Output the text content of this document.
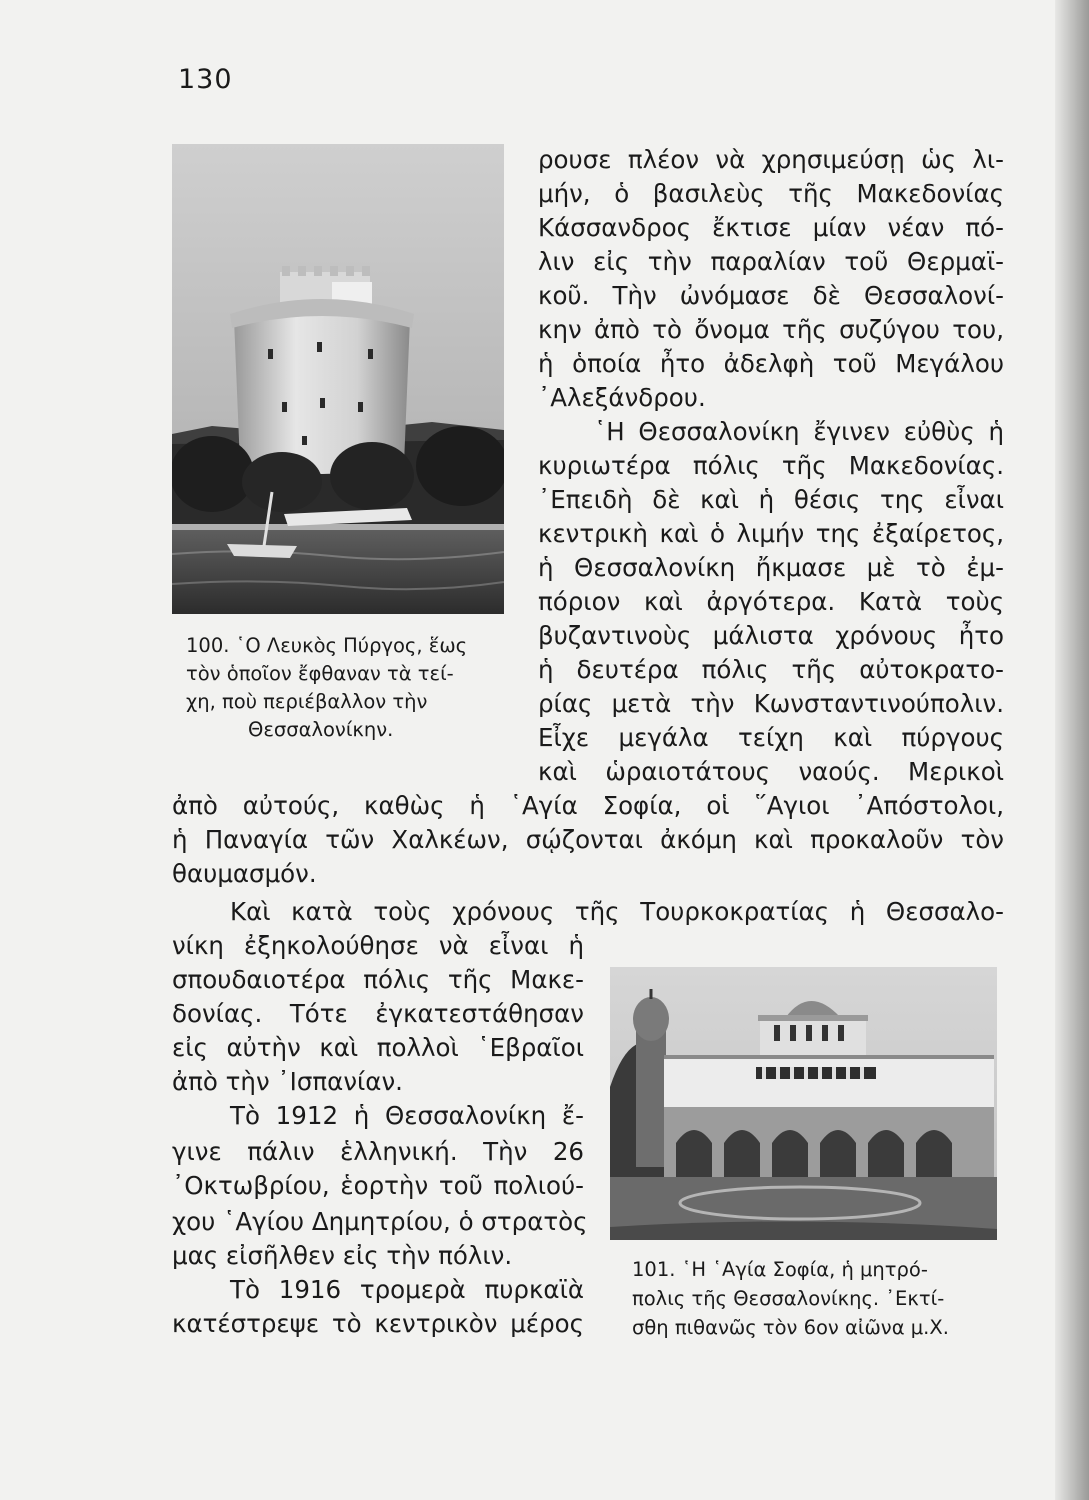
130
ρουσε πλέον νὰ χρησιμεύσῃ ὡς λι-
μήν, ὁ βασιλεὺς τῆς Μακεδονίας
Κάσσανδρος ἔκτισε μίαν νέαν πό-
λιν εἰς τὴν παραλίαν τοῦ Θερμαϊ-
κοῦ. Τὴν ὠνόμασε δὲ Θεσσαλονί-
κην ἀπὸ τὸ ὄνομα τῆς συζύγου του,
ἡ ὁποία ἦτο ἀδελφὴ τοῦ Μεγάλου
᾿Αλεξάνδρου.
῾Η Θεσσαλονίκη ἔγινεν εὐθὺς ἡ
κυριωτέρα πόλις τῆς Μακεδονίας.
᾿Επειδὴ δὲ καὶ ἡ θέσις της εἶναι
κεντρικὴ καὶ ὁ λιμήν της ἐξαίρετος,
ἡ Θεσσαλονίκη ἤκμασε μὲ τὸ ἐμ-
πόριον καὶ ἀργότερα. Κατὰ τοὺς
βυζαντινοὺς μάλιστα χρόνους ἦτο
ἡ δευτέρα πόλις τῆς αὐτοκρατο-
ρίας μετὰ τὴν Κωνσταντινούπολιν.
Εἶχε μεγάλα τείχη καὶ πύργους
καὶ ὡραιοτάτους ναούς. Μερικοὶ
100. ῾Ο Λευκὸς Πύργος, ἕως
τὸν ὁποῖον ἔφθαναν τὰ τεί-
χη, ποὺ περιέβαλλον τὴν
Θεσσαλονίκην.
ἀπὸ αὐτούς, καθὼς ἡ ῾Αγία Σοφία, οἱ ῞Αγιοι ᾿Απόστολοι,
ἡ Παναγία τῶν Χαλκέων, σῴζονται ἀκόμη καὶ προκαλοῦν τὸν
θαυμασμόν.
Καὶ κατὰ τοὺς χρόνους τῆς Τουρκοκρατίας ἡ Θεσσαλο-
νίκη ἐξηκολούθησε νὰ εἶναι ἡ
σπουδαιοτέρα πόλις τῆς Μακε-
δονίας. Τότε ἐγκατεστάθησαν
εἰς αὐτὴν καὶ πολλοὶ ῾Εβραῖοι
ἀπὸ τὴν ᾿Ισπανίαν.
Τὸ 1912 ἡ Θεσσαλονίκη ἔ-
γινε πάλιν ἑλληνική. Τὴν 26
᾿Οκτωβρίου, ἑορτὴν τοῦ πολιού-
χου ῾Αγίου Δημητρίου, ὁ στρατὸς
μας εἰσῆλθεν εἰς τὴν πόλιν.
Τὸ 1916 τρομερὰ πυρκαϊὰ
κατέστρεψε τὸ κεντρικὸν μέρος
101. ῾Η ῾Αγία Σοφία, ἡ μητρό-
πολις τῆς Θεσσαλονίκης. ᾿Εκτί-
σθη πιθανῶς τὸν 6ον αἰῶνα μ.Χ.
